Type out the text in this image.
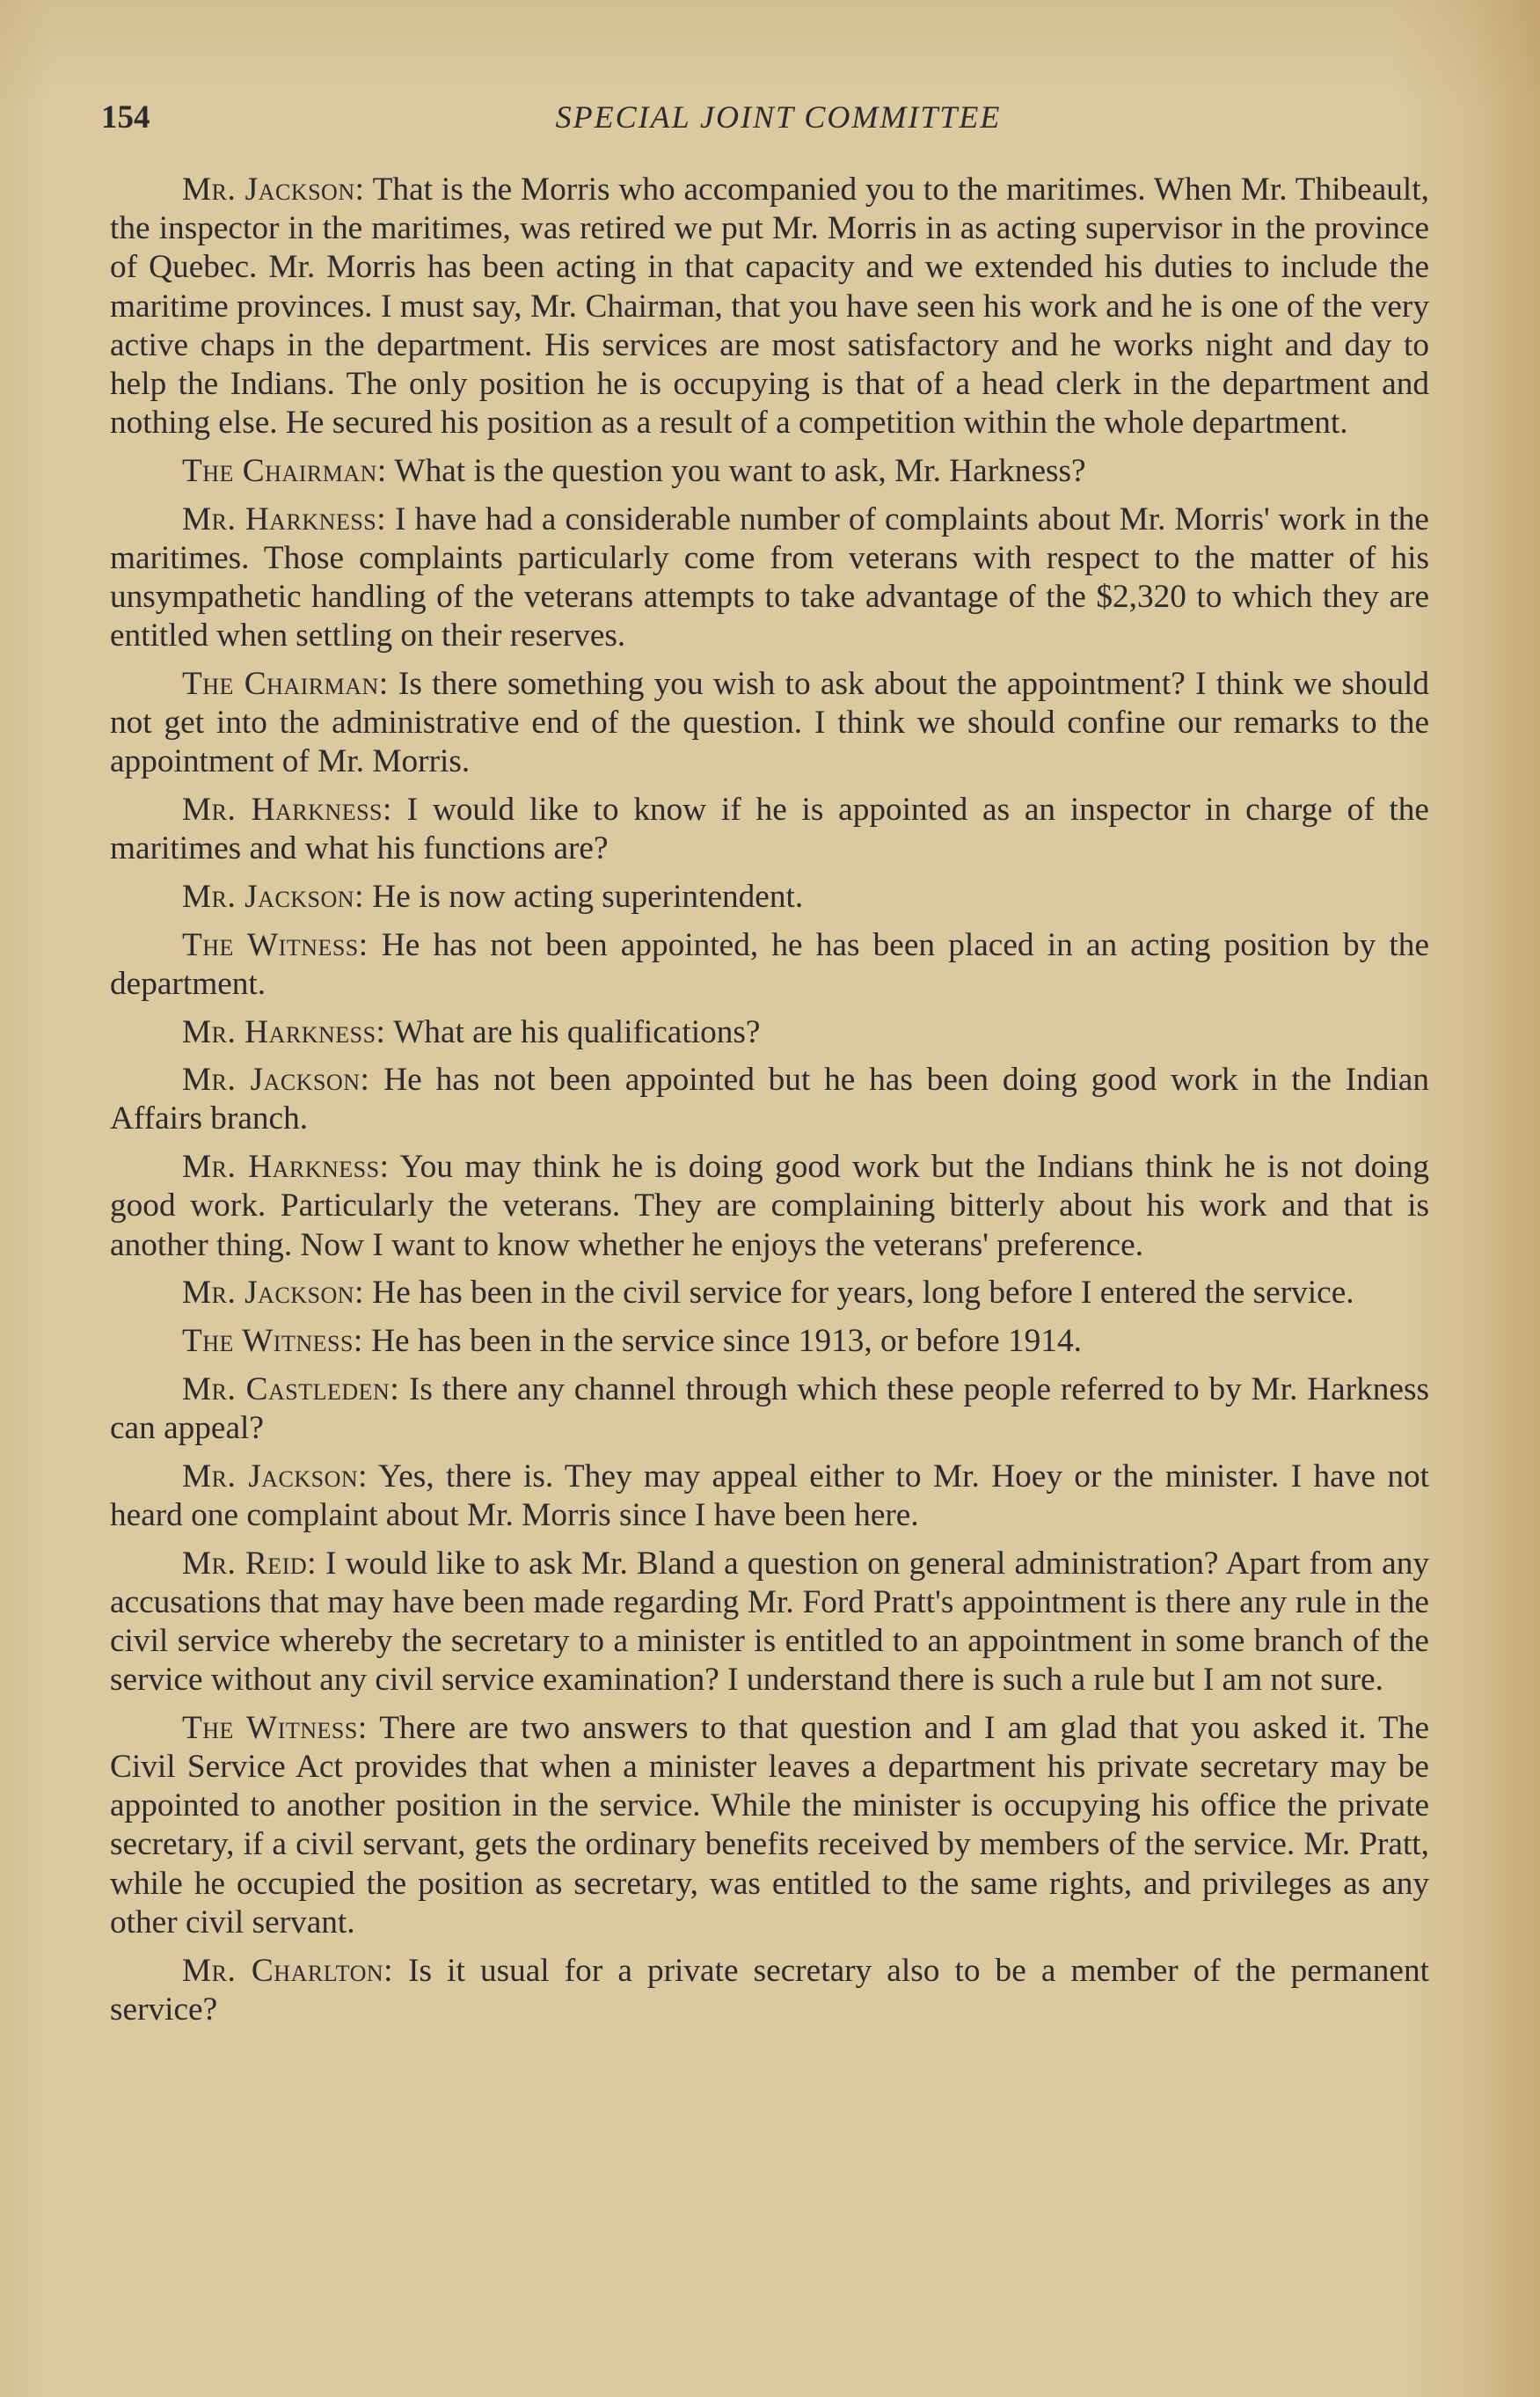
154	SPECIAL JOINT COMMITTEE

Mr. Jackson: That is the Morris who accompanied you to the maritimes. When Mr. Thibeault, the inspector in the maritimes, was retired we put Mr. Morris in as acting supervisor in the province of Quebec. Mr. Morris has been acting in that capacity and we extended his duties to include the maritime provinces. I must say, Mr. Chairman, that you have seen his work and he is one of the very active chaps in the department. His services are most satisfactory and he works night and day to help the Indians. The only position he is occupying is that of a head clerk in the department and nothing else. He secured his position as a result of a competition within the whole department.

The Chairman: What is the question you want to ask, Mr. Harkness?

Mr. Harkness: I have had a considerable number of complaints about Mr. Morris' work in the maritimes. Those complaints particularly come from veterans with respect to the matter of his unsympathetic handling of the veterans attempts to take advantage of the $2,320 to which they are entitled when settling on their reserves.

The Chairman: Is there something you wish to ask about the appointment? I think we should not get into the administrative end of the question. I think we should confine our remarks to the appointment of Mr. Morris.

Mr. Harkness: I would like to know if he is appointed as an inspector in charge of the maritimes and what his functions are?

Mr. Jackson: He is now acting superintendent.

The Witness: He has not been appointed, he has been placed in an acting position by the department.

Mr. Harkness: What are his qualifications?

Mr. Jackson: He has not been appointed but he has been doing good work in the Indian Affairs branch.

Mr. Harkness: You may think he is doing good work but the Indians think he is not doing good work. Particularly the veterans. They are complaining bitterly about his work and that is another thing. Now I want to know whether he enjoys the veterans' preference.

Mr. Jackson: He has been in the civil service for years, long before I entered the service.

The Witness: He has been in the service since 1913, or before 1914.

Mr. Castleden: Is there any channel through which these people referred to by Mr. Harkness can appeal?

Mr. Jackson: Yes, there is. They may appeal either to Mr. Hoey or the minister. I have not heard one complaint about Mr. Morris since I have been here.

Mr. Reid: I would like to ask Mr. Bland a question on general administration? Apart from any accusations that may have been made regarding Mr. Ford Pratt's appointment is there any rule in the civil service whereby the secretary to a minister is entitled to an appointment in some branch of the service without any civil service examination? I understand there is such a rule but I am not sure.

The Witness: There are two answers to that question and I am glad that you asked it. The Civil Service Act provides that when a minister leaves a department his private secretary may be appointed to another position in the service. While the minister is occupying his office the private secretary, if a civil servant, gets the ordinary benefits received by members of the service. Mr. Pratt, while he occupied the position as secretary, was entitled to the same rights, and privileges as any other civil servant.

Mr. Charlton: Is it usual for a private secretary also to be a member of the permanent service?
